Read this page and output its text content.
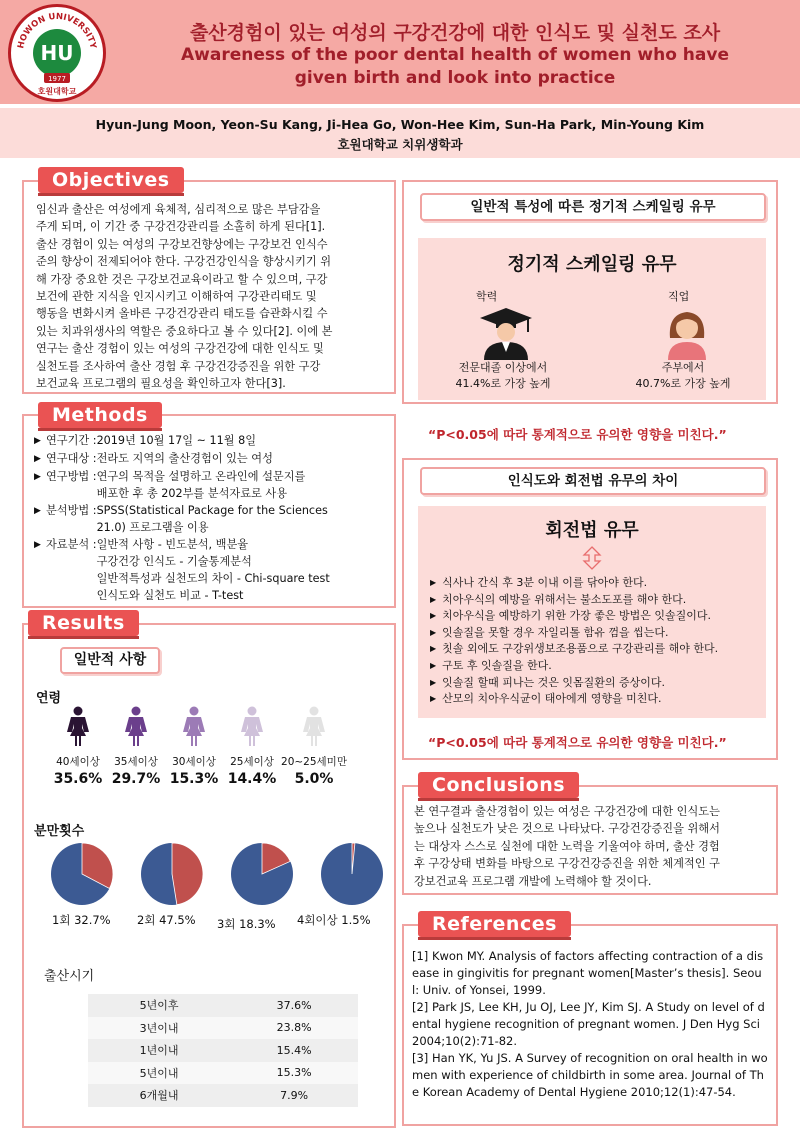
HOWON UNIVERSITY
HU
1977
호원대학교
출산경험이 있는 여성의 구강건강에 대한 인식도 및 실천도 조사
Awareness of the poor dental health of women who have
given birth and look into practice
Hyun-Jung Moon, Yeon-Su Kang, Ji-Hea Go, Won-Hee Kim, Sun-Ha Park, Min-Young Kim
호원대학교 치위생학과
Objectives
임신과 출산은 여성에게 육체적, 심리적으로 많은 부담감을
주게 되며, 이 기간 중 구강건강관리를 소홀히 하게 된다[1].
출산 경험이 있는 여성의 구강보건향상에는 구강보건 인식수
준의 향상이 전제되어야 한다. 구강건강인식을 향상시키기 위
해 가장 중요한 것은 구강보건교육이라고 할 수 있으며, 구강
보건에 관한 지식을 인지시키고 이해하여 구강관리태도 및
행동을 변화시켜 올바른 구강건강관리 태도를 습관화시킬 수
있는 치과위생사의 역할은 중요하다고 볼 수 있다[2]. 이에 본
연구는 출산 경험이 있는 여성의 구강건강에 대한 인식도 및
실천도를 조사하여 출산 경험 후 구강건강증진을 위한 구강
보건교육 프로그램의 필요성을 확인하고자 한다[3].
Methods
▶ 연구기간 : 2019년 10월 17일 ~ 11월 8일
▶ 연구대상 : 전라도 지역의 출산경험이 있는 여성
▶ 연구방법 : 연구의 목적을 설명하고 온라인에 설문지를
배포한 후 총 202부를 분석자료로 사용
▶ 분석방법 : SPSS(Statistical Package for the Sciences
21.0) 프로그램을 이용
▶ 자료분석 : 일반적 사항 - 빈도분석, 백분율
구강건강 인식도 - 기술통계분석
일반적특성과 실천도의 차이 - Chi-square test
인식도와 실천도 비교 - T-test
Results
일반적 사항
연령
40세이상
35.6%
35세이상
29.7%
30세이상
15.3%
25세이상
14.4%
20~25세미만
5.0%
분만횟수
1회 32.7% 2회 47.5% 3회 18.3% 4회이상 1.5%
출산시기
5년이후	37.6%
3년이내	23.8%
1년이내	15.4%
5년이내	15.3%
6개월내	7.9%
일반적 특성에 따른 정기적 스케일링 유무
정기적 스케일링 유무
학력	직업
전문대졸 이상에서
41.4%로 가장 높게
주부에서
40.7%로 가장 높게
“P<0.05에 따라 통계적으로 유의한 영향을 미친다.”
인식도와 회전법 유무의 차이
회전법 유무
▶ 식사나 간식 후 3분 이내 이를 닦아야 한다.
▶ 치아우식의 예방을 위해서는 불소도포를 해야 한다.
▶ 치아우식을 예방하기 위한 가장 좋은 방법은 잇솔질이다.
▶ 잇솔질을 못할 경우 자일리톨 함유 껌을 씹는다.
▶ 칫솔 외에도 구강위생보조용품으로 구강관리를 해야 한다.
▶ 구토 후 잇솔질을 한다.
▶ 잇솔질 할때 피나는 것은 잇몸질환의 증상이다.
▶ 산모의 치아우식균이 태아에게 영향을 미친다.
“P<0.05에 따라 통계적으로 유의한 영향을 미친다.”
Conclusions
본 연구결과 출산경험이 있는 여성은 구강건강에 대한 인식도는
높으나 실천도가 낮은 것으로 나타났다. 구강건강증진을 위해서
는 대상자 스스로 실천에 대한 노력을 기울여야 하며, 출산 경험
후 구강상태 변화를 바탕으로 구강건강증진을 위한 체계적인 구
강보건교육 프로그램 개발에 노력해야 할 것이다.
References
[1] Kwon MY. Analysis of factors affecting contraction of a disease in gingivitis for pregnant women[Master’s thesis]. Seoul: Univ. of Yonsei, 1999.
[2] Park JS, Lee KH, Ju OJ, Lee JY, Kim SJ. A Study on level of dental hygiene recognition of pregnant women. J Den Hyg Sci 2004;10(2):71-82.
[3] Han YK, Yu JS. A Survey of recognition on oral health in women with experience of childbirth in some area. Journal of The Korean Academy of Dental Hygiene 2010;12(1):47-54.
